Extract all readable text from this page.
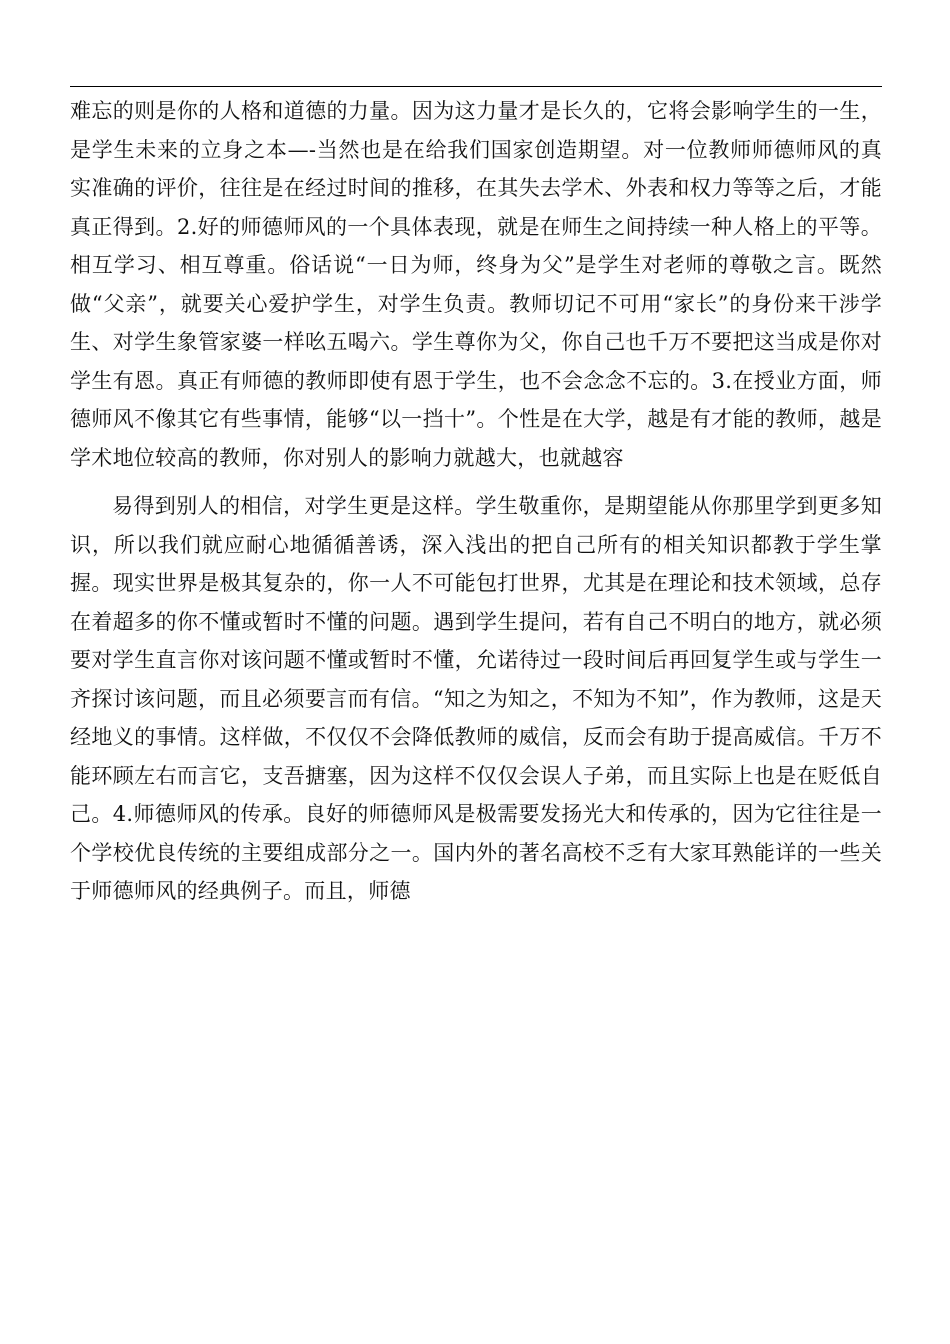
难忘的则是你的人格和道德的力量。因为这力量才是长久的，它将会影响学生的一生，是学生未来的立身之本—-当然也是在给我们国家创造期望。对一位教师师德师风的真实准确的评价，往往是在经过时间的推移，在其失去学术、外表和权力等等之后，才能真正得到。2.好的师德师风的一个具体表现，就是在师生之间持续一种人格上的平等。相互学习、相互尊重。俗话说“一日为师，终身为父”是学生对老师的尊敬之言。既然做“父亲”，就要关心爱护学生，对学生负责。教师切记不可用“家长”的身份来干涉学生、对学生象管家婆一样吆五喝六。学生尊你为父，你自己也千万不要把这当成是你对学生有恩。真正有师德的教师即使有恩于学生，也不会念念不忘的。3.在授业方面，师德师风不像其它有些事情，能够“以一挡十”。个性是在大学，越是有才能的教师，越是学术地位较高的教师，你对别人的影响力就越大，也就越容

易得到别人的相信，对学生更是这样。学生敬重你，是期望能从你那里学到更多知识，所以我们就应耐心地循循善诱，深入浅出的把自己所有的相关知识都教于学生掌握。现实世界是极其复杂的，你一人不可能包打世界，尤其是在理论和技术领域，总存在着超多的你不懂或暂时不懂的问题。遇到学生提问，若有自己不明白的地方，就必须要对学生直言你对该问题不懂或暂时不懂，允诺待过一段时间后再回复学生或与学生一齐探讨该问题，而且必须要言而有信。“知之为知之，不知为不知”，作为教师，这是天经地义的事情。这样做，不仅仅不会降低教师的威信，反而会有助于提高威信。千万不能环顾左右而言它，支吾搪塞，因为这样不仅仅会误人子弟，而且实际上也是在贬低自己。4.师德师风的传承。良好的师德师风是极需要发扬光大和传承的，因为它往往是一个学校优良传统的主要组成部分之一。国内外的著名高校不乏有大家耳熟能详的一些关于师德师风的经典例子。而且，师德
